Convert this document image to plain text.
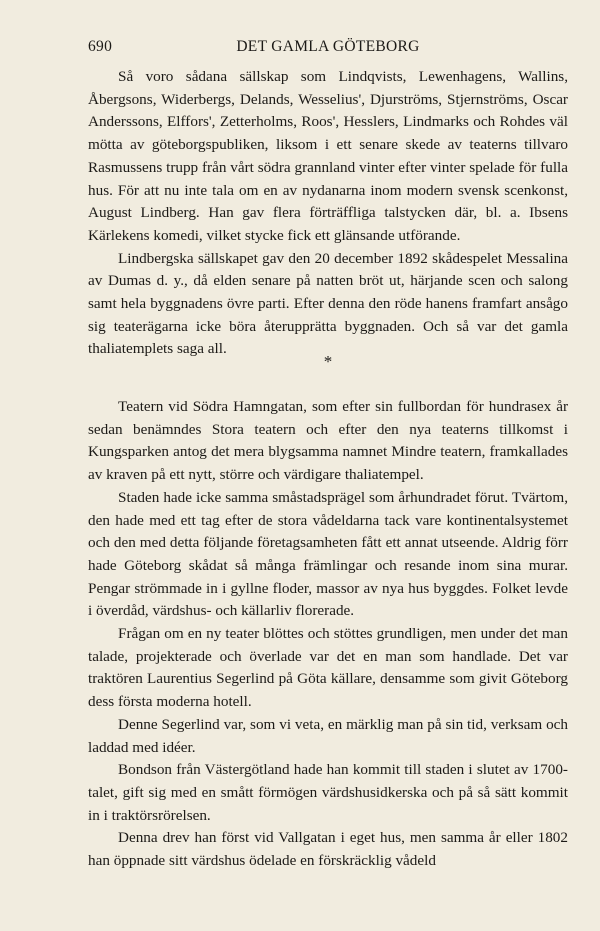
690	DET GAMLA GÖTEBORG

Så voro sådana sällskap som Lindqvists, Lewenhagens, Wallins, Åbergsons, Widerbergs, Delands, Wesselius', Djurströms, Stjernströms, Oscar Anderssons, Elffors', Zetterholms, Roos', Hesslers, Lindmarks och Rohdes väl mötta av göteborgspubliken, liksom i ett senare skede av teaterns tillvaro Rasmussens trupp från vårt södra grannland vinter efter vinter spelade för fulla hus. För att nu inte tala om en av nydanarna inom modern svensk scenkonst, August Lindberg. Han gav flera förträffliga talstycken där, bl. a. Ibsens Kärlekens komedi, vilket stycke fick ett glänsande utförande.

Lindbergska sällskapet gav den 20 december 1892 skådespelet Messalina av Dumas d. y., då elden senare på natten bröt ut, härjande scen och salong samt hela byggnadens övre parti. Efter denna den röde hanens framfart ansågo sig teaterägarna icke böra återupprätta byggnaden. Och så var det gamla thaliatemplets saga all.

*

Teatern vid Södra Hamngatan, som efter sin fullbordan för hundrasex år sedan benämndes Stora teatern och efter den nya teaterns tillkomst i Kungsparken antog det mera blygsamma namnet Mindre teatern, framkallades av kraven på ett nytt, större och värdigare thaliatempel.

Staden hade icke samma småstadsprägel som århundradet förut. Tvärtom, den hade med ett tag efter de stora vådeldarna tack vare kontinentalsystemet och den med detta följande företagsamheten fått ett annat utseende. Aldrig förr hade Göteborg skådat så många främlingar och resande inom sina murar. Pengar strömmade in i gyllne floder, massor av nya hus byggdes. Folket levde i överdåd, värdshus- och källarliv florerade.

Frågan om en ny teater blöttes och stöttes grundligen, men under det man talade, projekterade och överlade var det en man som handlade. Det var traktören Laurentius Segerlind på Göta källare, densamme som givit Göteborg dess första moderna hotell.

Denne Segerlind var, som vi veta, en märklig man på sin tid, verksam och laddad med idéer.

Bondson från Västergötland hade han kommit till staden i slutet av 1700-talet, gift sig med en smått förmögen värdshusidkerska och på så sätt kommit in i traktörsrörelsen.

Denna drev han först vid Vallgatan i eget hus, men samma år eller 1802 han öppnade sitt värdshus ödelade en förskräcklig vådeld
